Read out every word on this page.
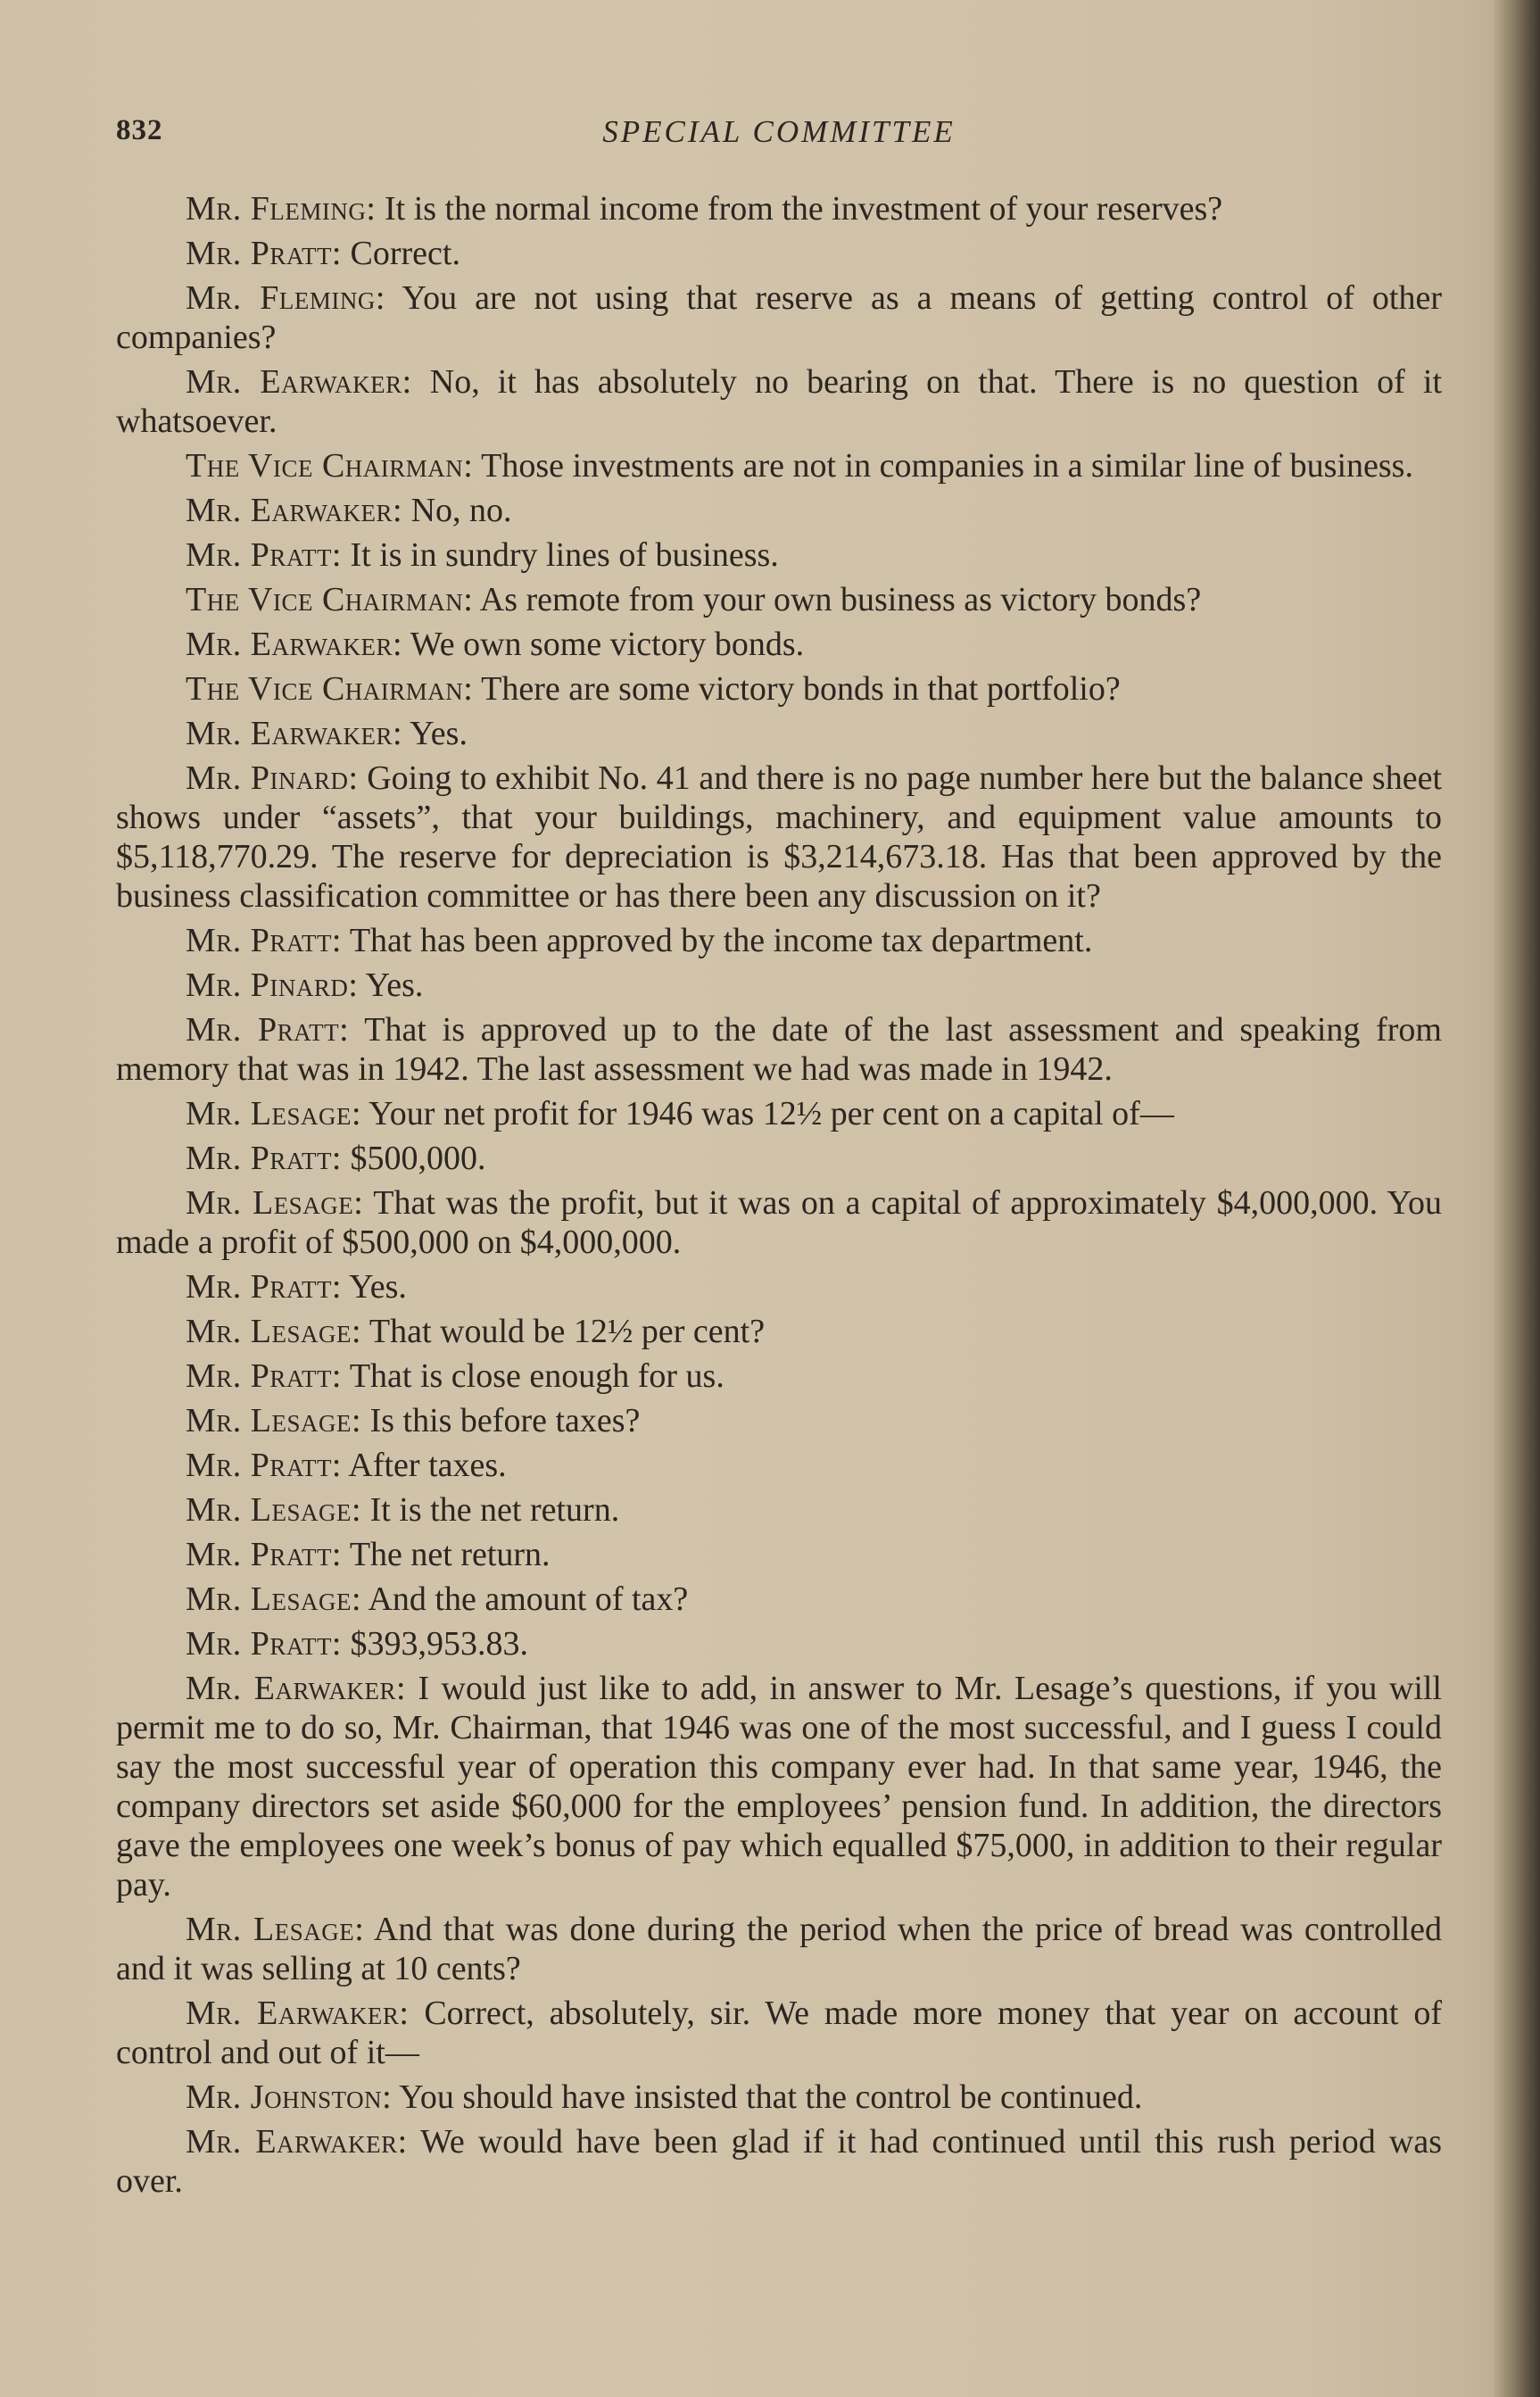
832	SPECIAL COMMITTEE

Mr. Fleming: It is the normal income from the investment of your reserves?

Mr. Pratt: Correct.

Mr. Fleming: You are not using that reserve as a means of getting control of other companies?

Mr. Earwaker: No, it has absolutely no bearing on that. There is no question of it whatsoever.

The Vice Chairman: Those investments are not in companies in a similar line of business.

Mr. Earwaker: No, no.

Mr. Pratt: It is in sundry lines of business.

The Vice Chairman: As remote from your own business as victory bonds?

Mr. Earwaker: We own some victory bonds.

The Vice Chairman: There are some victory bonds in that portfolio?

Mr. Earwaker: Yes.

Mr. Pinard: Going to exhibit No. 41 and there is no page number here but the balance sheet shows under “assets”, that your buildings, machinery, and equipment value amounts to $5,118,770.29. The reserve for depreciation is $3,214,673.18. Has that been approved by the business classification committee or has there been any discussion on it?

Mr. Pratt: That has been approved by the income tax department.

Mr. Pinard: Yes.

Mr. Pratt: That is approved up to the date of the last assessment and speaking from memory that was in 1942. The last assessment we had was made in 1942.

Mr. Lesage: Your net profit for 1946 was 12½ per cent on a capital of—

Mr. Pratt: $500,000.

Mr. Lesage: That was the profit, but it was on a capital of approximately $4,000,000. You made a profit of $500,000 on $4,000,000.

Mr. Pratt: Yes.

Mr. Lesage: That would be 12½ per cent?

Mr. Pratt: That is close enough for us.

Mr. Lesage: Is this before taxes?

Mr. Pratt: After taxes.

Mr. Lesage: It is the net return.

Mr. Pratt: The net return.

Mr. Lesage: And the amount of tax?

Mr. Pratt: $393,953.83.

Mr. Earwaker: I would just like to add, in answer to Mr. Lesage’s questions, if you will permit me to do so, Mr. Chairman, that 1946 was one of the most successful, and I guess I could say the most successful year of operation this company ever had. In that same year, 1946, the company directors set aside $60,000 for the employees’ pension fund. In addition, the directors gave the employees one week’s bonus of pay which equalled $75,000, in addition to their regular pay.

Mr. Lesage: And that was done during the period when the price of bread was controlled and it was selling at 10 cents?

Mr. Earwaker: Correct, absolutely, sir. We made more money that year on account of control and out of it—

Mr. Johnston: You should have insisted that the control be continued.

Mr. Earwaker: We would have been glad if it had continued until this rush period was over.
